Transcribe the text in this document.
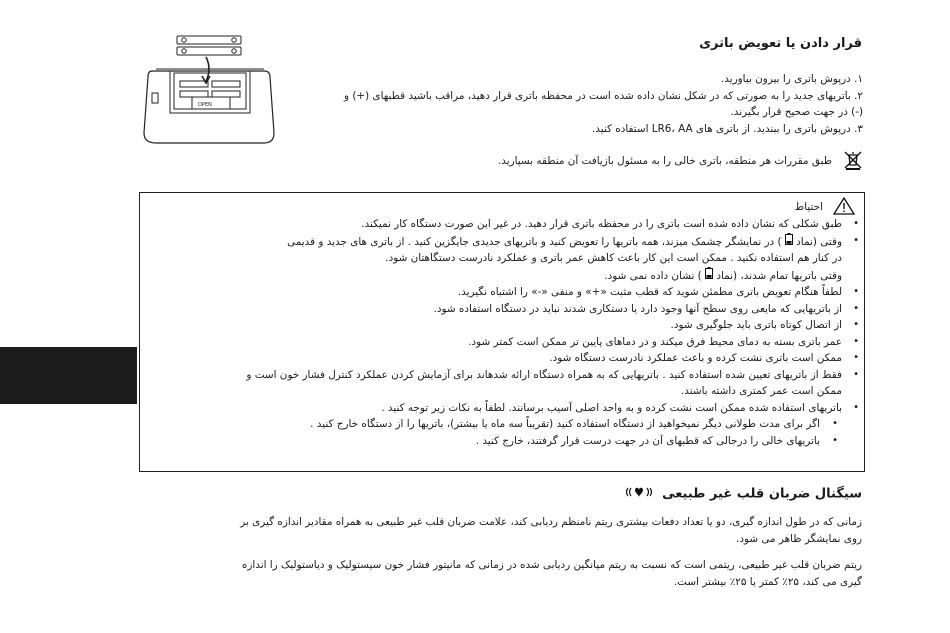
قرار دادن یا تعویض باتری
OPEN
۱. درپوش باتری را بیرون بیاورید.
۲. باتریهای جدید را به صورتی که در شکل نشان داده شده است در محفظه باتری قرار دهید، مراقب باشید قطبهای (+) و
(-) در جهت صحیح قرار بگیرند.
۳. درپوش باتری را ببندید. از باتری های LR6، AA استفاده کنید.
طبق مقررات هر منطقه، باتری خالی را به مسئول بازیافت آن منطقه بسپارید.
احتیاط
• طبق شکلی که نشان داده شده است باتری را در محفظه باتری قرار دهید. در غیر این صورت دستگاه کار نمیکند.
• وقتی (نماد  ) در نمایشگر چشمک میزند، همه باتریها را تعویض کنید و باتریهای جدیدی جایگزین کنید . از باتری های جدید و قدیمی
در کنار هم استفاده نکنید . ممکن است این کار باعث کاهش عمر باتری و عملکرد نادرست دستگاهتان شود.
وقتی باتریها تمام شدند، (نماد  ) نشان داده نمی شود.
• لطفاً هنگام تعویض باتری مطمئن شوید که قطب مثبت «+» و منفی «-» را اشتباه نگیرید.
• از باتریهایی که مایعی روی سطح آنها وجود دارد یا دستکاری شدند نباید در دستگاه استفاده شود.
• از اتصال کوتاه باتری باید جلوگیری شود.
• عمر باتری بسته به دمای محیط فرق میکند و در دماهای پایین تر ممکن است کمتر شود.
• ممکن است باتری نشت کرده و باعث عملکرد نادرست دستگاه شود.
• فقط از باتریهای تعیین شده استفاده کنید . باتریهایی که به همراه دستگاه ارائه شدهاند برای آزمایش کردن عملکرد کنترل فشار خون است و
ممکن است عمر کمتری داشته باشند.
• باتریهای استفاده شده ممکن است نشت کرده و به واحد اصلی آسیب برسانند. لطفاً به نکات زیر توجه کنید .
• اگر برای مدت طولانی دیگر نمیخواهید از دستگاه استفاده کنید (تقریباً سه ماه یا بیشتر)، باتریها را از دستگاه خارج کنید .
• باتریهای خالی را درجالی که قطبهای آن در جهت درست قرار گرفتند، خارج کنید .
سیگنال ضربان قلب غیر طبیعی
زمانی که در طول اندازه گیری، دو یا تعداد دفعات بیشتری ریتم نامنظم ردیابی کند، علامت ضربان قلب غیر طبیعی به همراه مقادیر اندازه گیری بر
روی نمایشگر ظاهر می شود.
ریتم ضربان قلب غیر طبیعی، ریتمی است که نسبت به ریتم میانگین ردیابی شده در زمانی که مانیتور فشار خون سیستولیک و دیاستولیک را اندازه
گیری می کند، ۲۵٪ کمتر یا ۲۵٪ بیشتر است.
